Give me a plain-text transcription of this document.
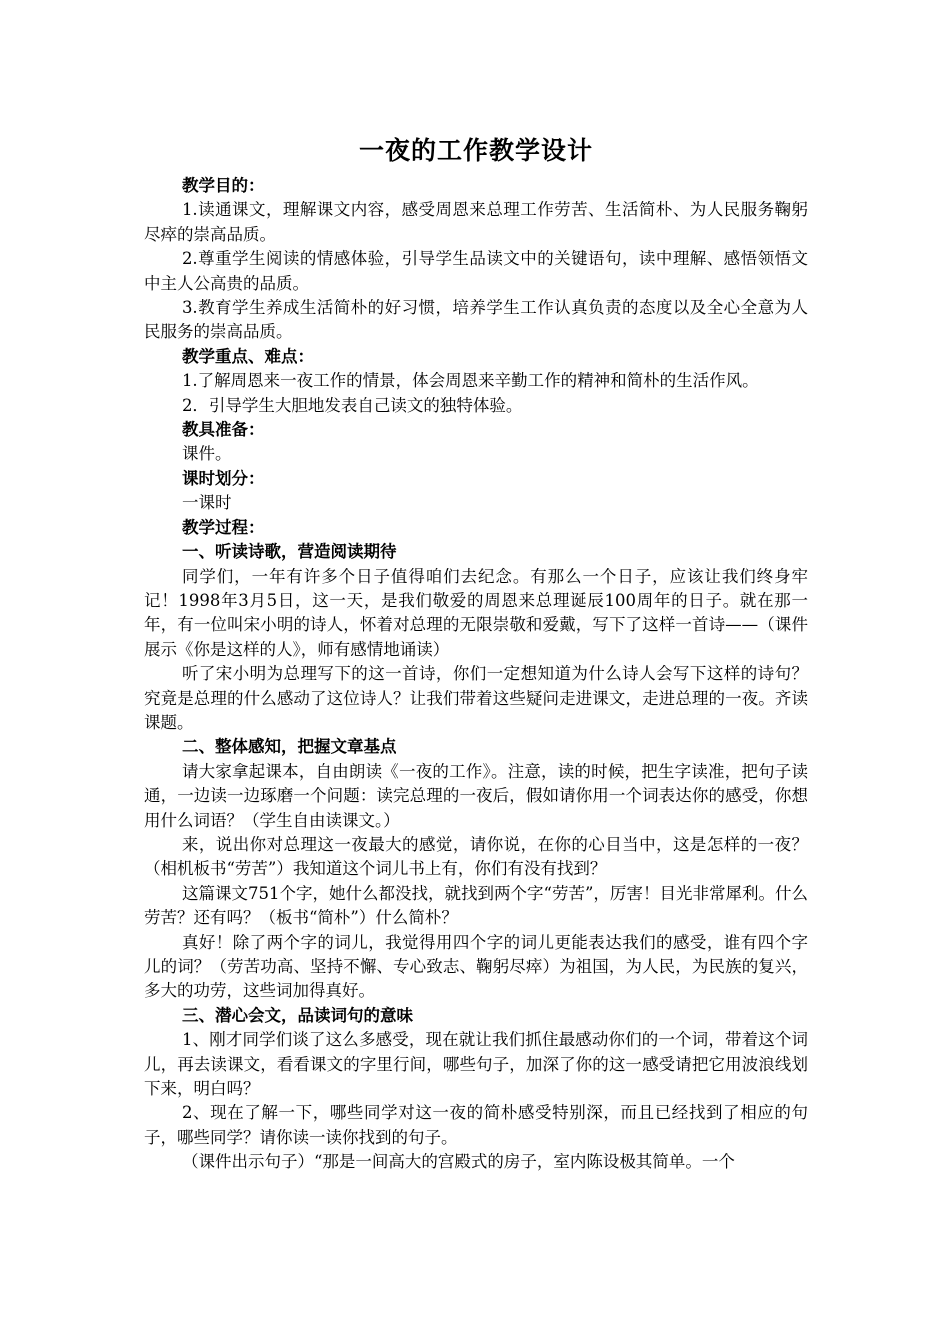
一夜的工作教学设计
教学目的：
1.读通课文，理解课文内容，感受周恩来总理工作劳苦、生活简朴、为人民服务鞠躬尽瘁的崇高品质。
2.尊重学生阅读的情感体验，引导学生品读文中的关键语句，读中理解、感悟领悟文中主人公高贵的品质。
3.教育学生养成生活简朴的好习惯，培养学生工作认真负责的态度以及全心全意为人民服务的崇高品质。
教学重点、难点：
1.了解周恩来一夜工作的情景，体会周恩来辛勤工作的精神和简朴的生活作风。
2．引导学生大胆地发表自己读文的独特体验。
教具准备：
课件。
课时划分：
一课时
教学过程：
一、听读诗歌，营造阅读期待
同学们，一年有许多个日子值得咱们去纪念。有那么一个日子，应该让我们终身牢记！1998年3月5日，这一天，是我们敬爱的周恩来总理诞辰100周年的日子。就在那一年，有一位叫宋小明的诗人，怀着对总理的无限崇敬和爱戴，写下了这样一首诗——（课件展示《你是这样的人》，师有感情地诵读）
听了宋小明为总理写下的这一首诗，你们一定想知道为什么诗人会写下这样的诗句？究竟是总理的什么感动了这位诗人？让我们带着这些疑问走进课文，走进总理的一夜。齐读课题。
二、整体感知，把握文章基点
请大家拿起课本，自由朗读《一夜的工作》。注意，读的时候，把生字读准，把句子读通，一边读一边琢磨一个问题：读完总理的一夜后，假如请你用一个词表达你的感受，你想用什么词语？（学生自由读课文。）
来，说出你对总理这一夜最大的感觉，请你说，在你的心目当中，这是怎样的一夜？（相机板书“劳苦”）我知道这个词儿书上有，你们有没有找到？
这篇课文751个字，她什么都没找，就找到两个字“劳苦”，厉害！目光非常犀利。什么劳苦？还有吗？（板书“简朴”）什么简朴？
真好！除了两个字的词儿，我觉得用四个字的词儿更能表达我们的感受，谁有四个字儿的词？（劳苦功高、坚持不懈、专心致志、鞠躬尽瘁）为祖国，为人民，为民族的复兴，多大的功劳，这些词加得真好。
三、潜心会文，品读词句的意味
1、刚才同学们谈了这么多感受，现在就让我们抓住最感动你们的一个词，带着这个词儿，再去读课文，看看课文的字里行间，哪些句子，加深了你的这一感受请把它用波浪线划下来，明白吗？
2、现在了解一下，哪些同学对这一夜的简朴感受特别深，而且已经找到了相应的句子，哪些同学？请你读一读你找到的句子。
（课件出示句子）“那是一间高大的宫殿式的房子，室内陈设极其简单。一个
